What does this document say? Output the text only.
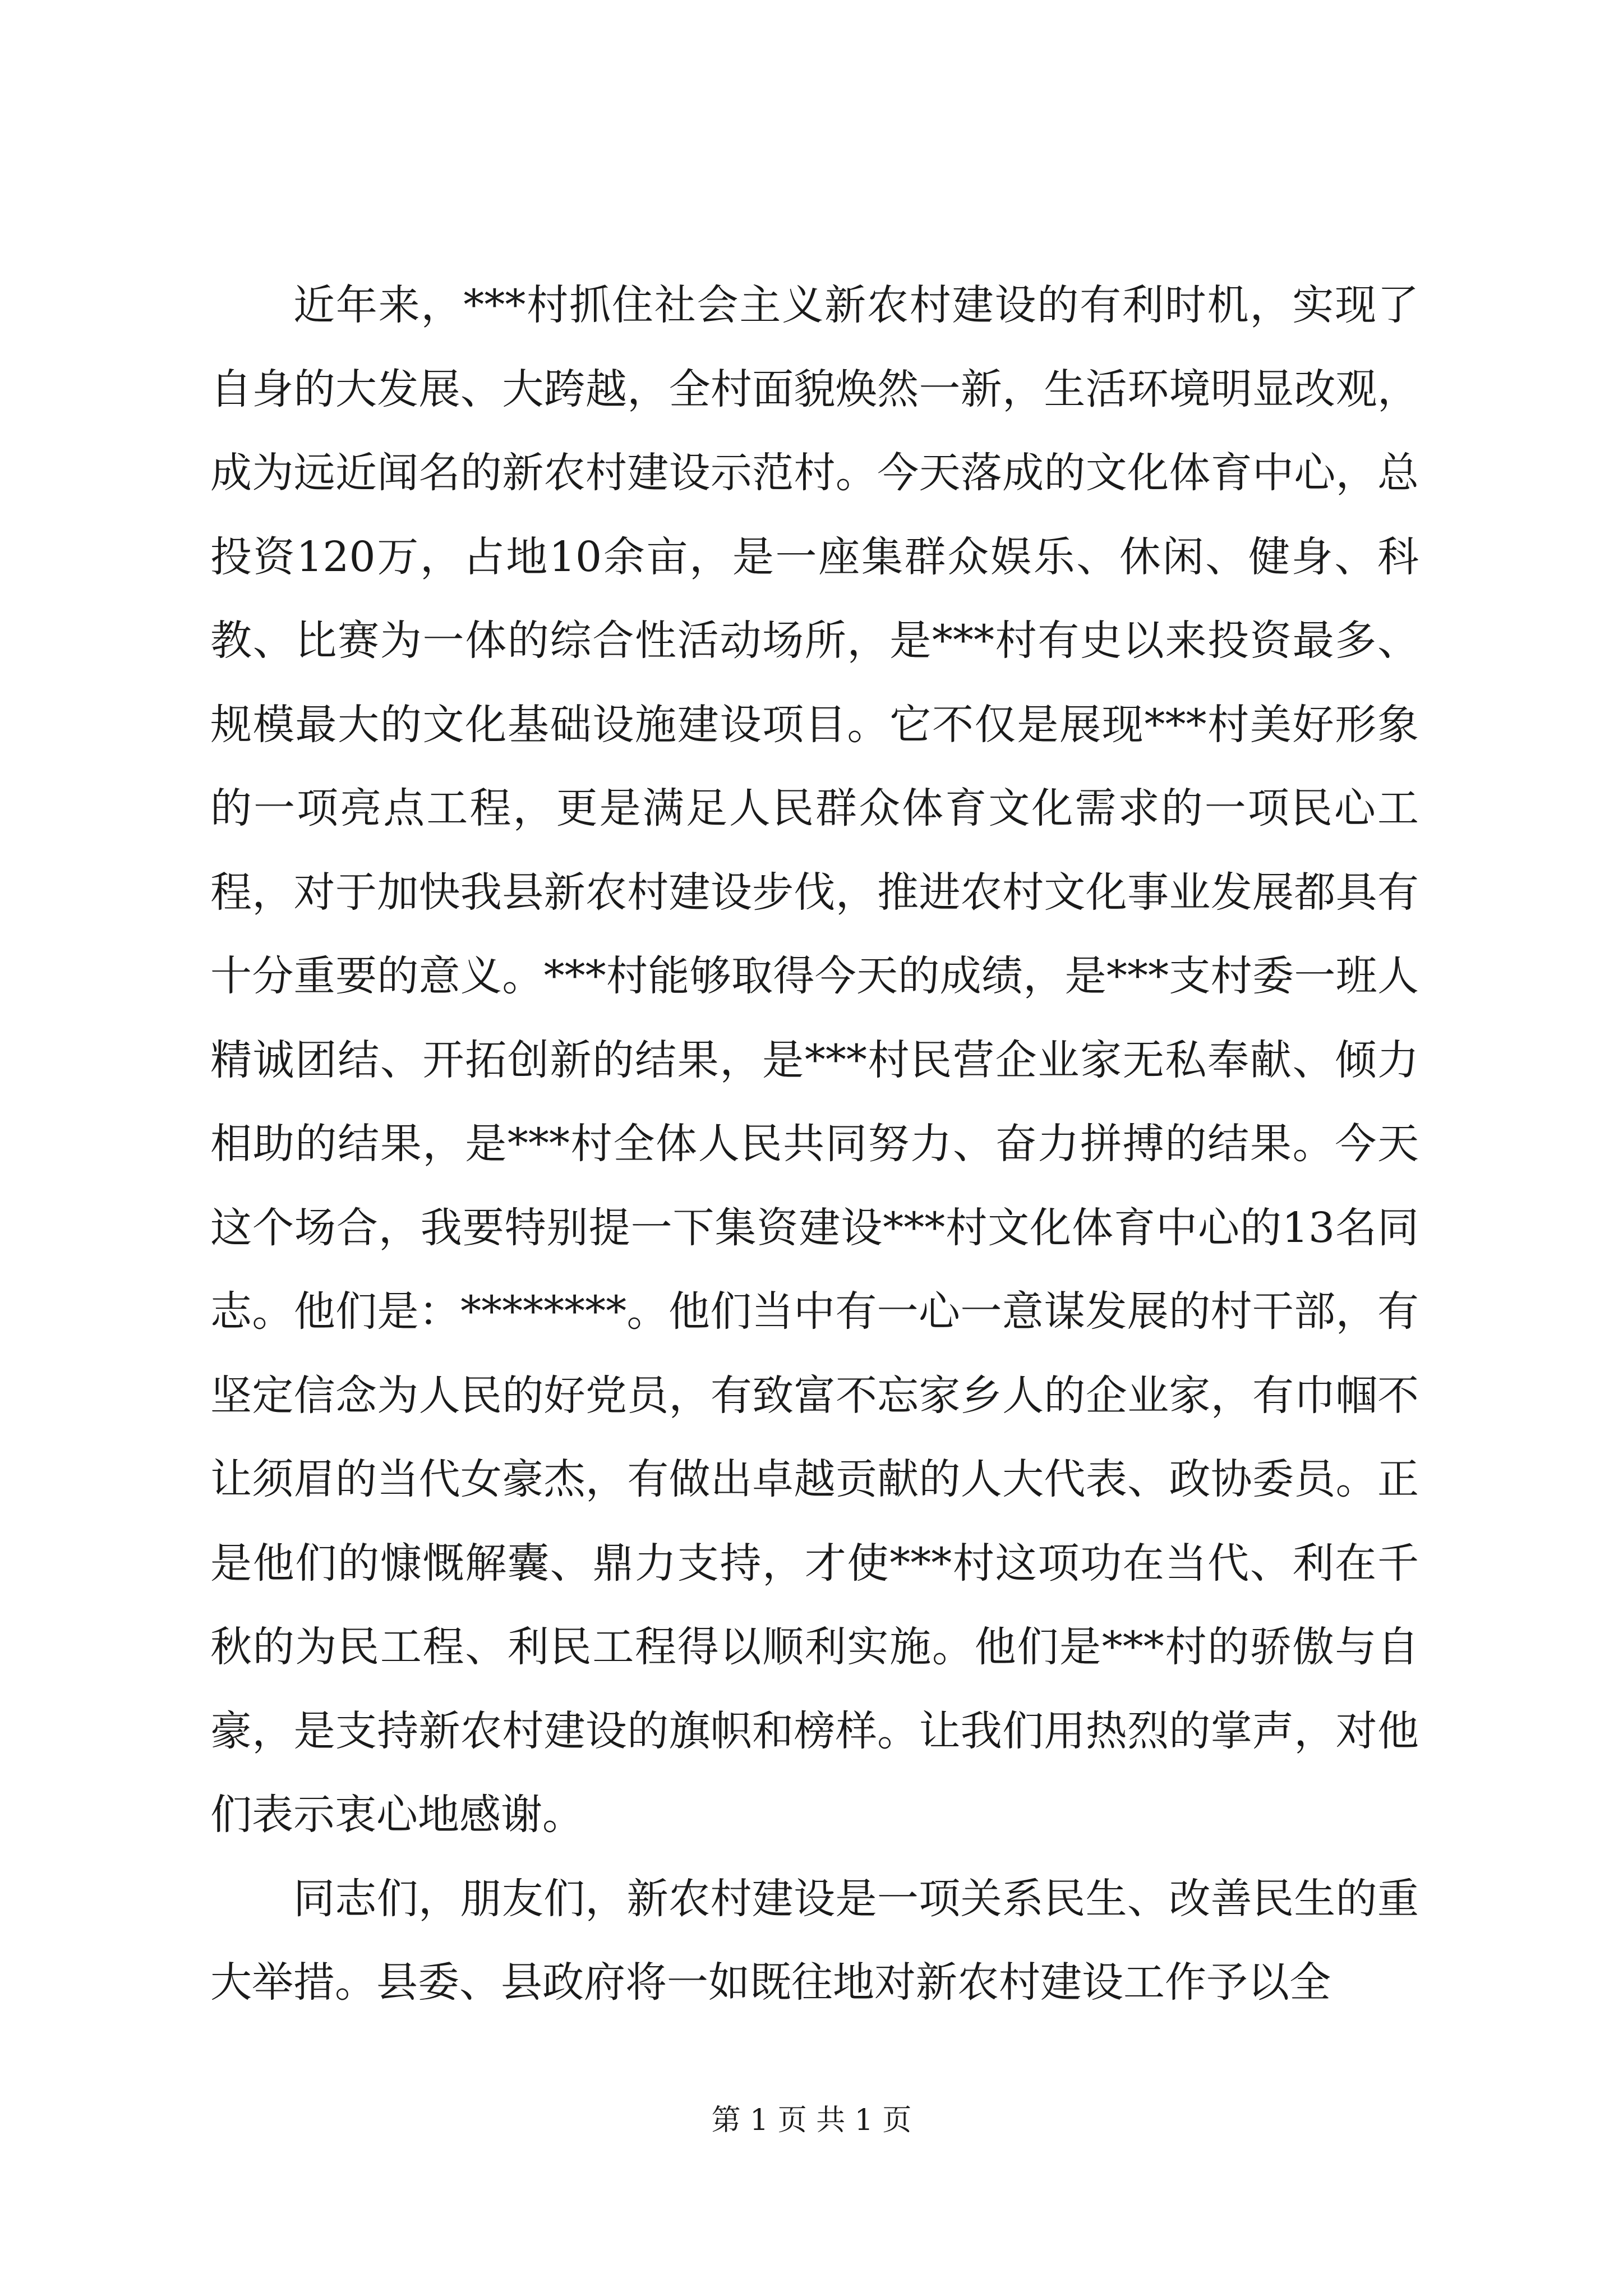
近年来，***村抓住社会主义新农村建设的有利时机，实现了自身的大发展、大跨越，全村面貌焕然一新，生活环境明显改观，成为远近闻名的新农村建设示范村。今天落成的文化体育中心，总投资120万，占地10余亩，是一座集群众娱乐、休闲、健身、科教、比赛为一体的综合性活动场所，是***村有史以来投资最多、规模最大的文化基础设施建设项目。它不仅是展现***村美好形象的一项亮点工程，更是满足人民群众体育文化需求的一项民心工程，对于加快我县新农村建设步伐，推进农村文化事业发展都具有十分重要的意义。***村能够取得今天的成绩，是***支村委一班人精诚团结、开拓创新的结果，是***村民营企业家无私奉献、倾力相助的结果，是***村全体人民共同努力、奋力拼搏的结果。今天这个场合，我要特别提一下集资建设***村文化体育中心的13名同志。他们是：********。他们当中有一心一意谋发展的村干部，有坚定信念为人民的好党员，有致富不忘家乡人的企业家，有巾帼不让须眉的当代女豪杰，有做出卓越贡献的人大代表、政协委员。正是他们的慷慨解囊、鼎力支持，才使***村这项功在当代、利在千秋的为民工程、利民工程得以顺利实施。他们是***村的骄傲与自豪，是支持新农村建设的旗帜和榜样。让我们用热烈的掌声，对他们表示衷心地感谢。

同志们，朋友们，新农村建设是一项关系民生、改善民生的重大举措。县委、县政府将一如既往地对新农村建设工作予以全

第 1 页 共 1 页
